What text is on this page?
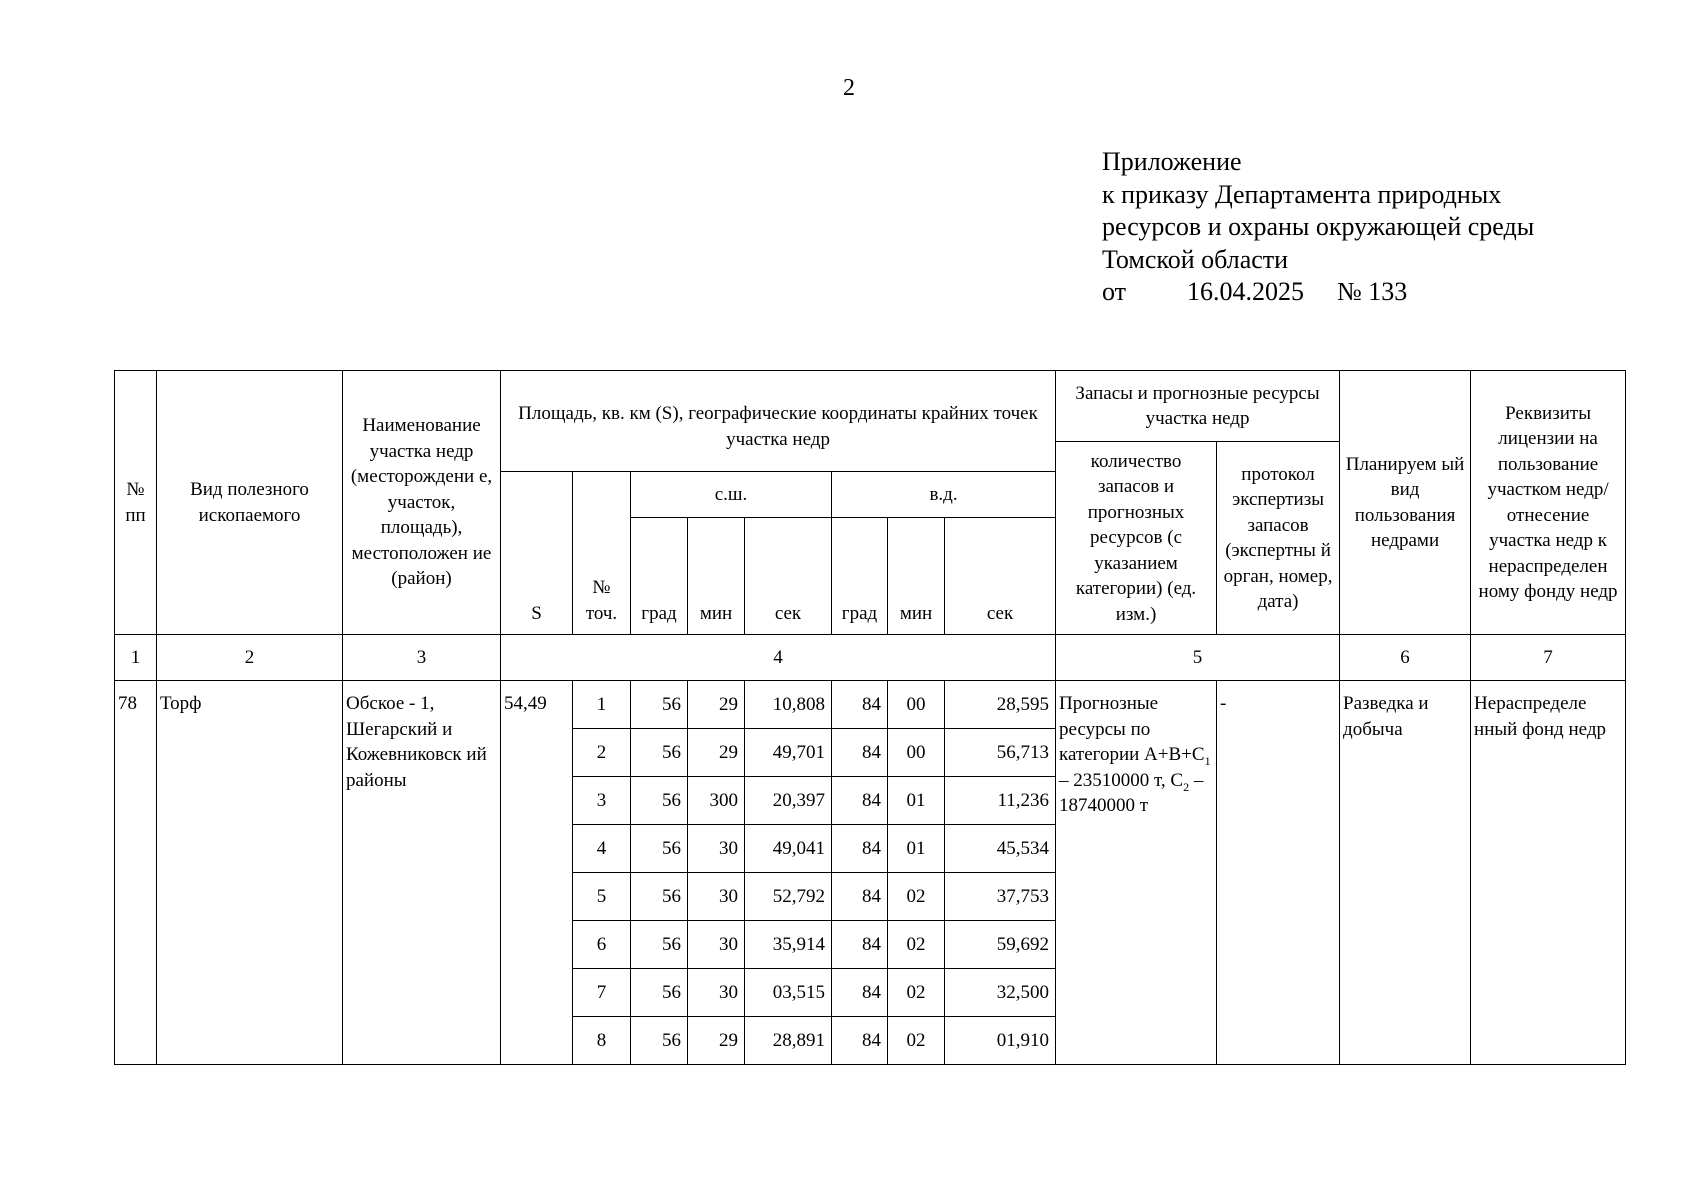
2
Приложение
к приказу Департамента природных
ресурсов и охраны окружающей среды
Томской области
от 16.04.2025 № 133
№ пп	Вид полезного ископаемого	Наименование участка недр (месторождени е, участок, площадь), местоположен ие (район)	Площадь, кв. км (S), географические координаты крайних точек участка недр								Запасы и прогнозные ресурсы участка недр		Планируем ый вид пользования недрами	Реквизиты лицензии на пользование участком недр/ отнесение участка недр к нераспределен ному фонду недр
											количество запасов и прогнозных ресурсов (с указанием категории) (ед. изм.)	протокол экспертизы запасов (экспертны й орган, номер, дата)		
			S	№ точ.	с.ш.			в.д.						
					град	мин	сек	град	мин	сек				
1	2	3	4								5		6	7
78	Торф	Обское - 1, Шегарский и Кожевниковск ий районы	54,49	1	56	29	10,808	84	00	28,595	Прогнозные ресурсы по категории $А+В+С_1 - 23510000$ т, $С_2 - 18740000$ т	-	Разведка и добыча	Нераспределе нный фонд недр
				2	56	29	49,701	84	00	56,713				
				3	56	300	20,397	84	01	11,236				
				4	56	30	49,041	84	01	45,534				
				5	56	30	52,792	84	02	37,753				
				6	56	30	35,914	84	02	59,692				
				7	56	30	03,515	84	02	32,500				
				8	56	29	28,891	84	02	01,910				
